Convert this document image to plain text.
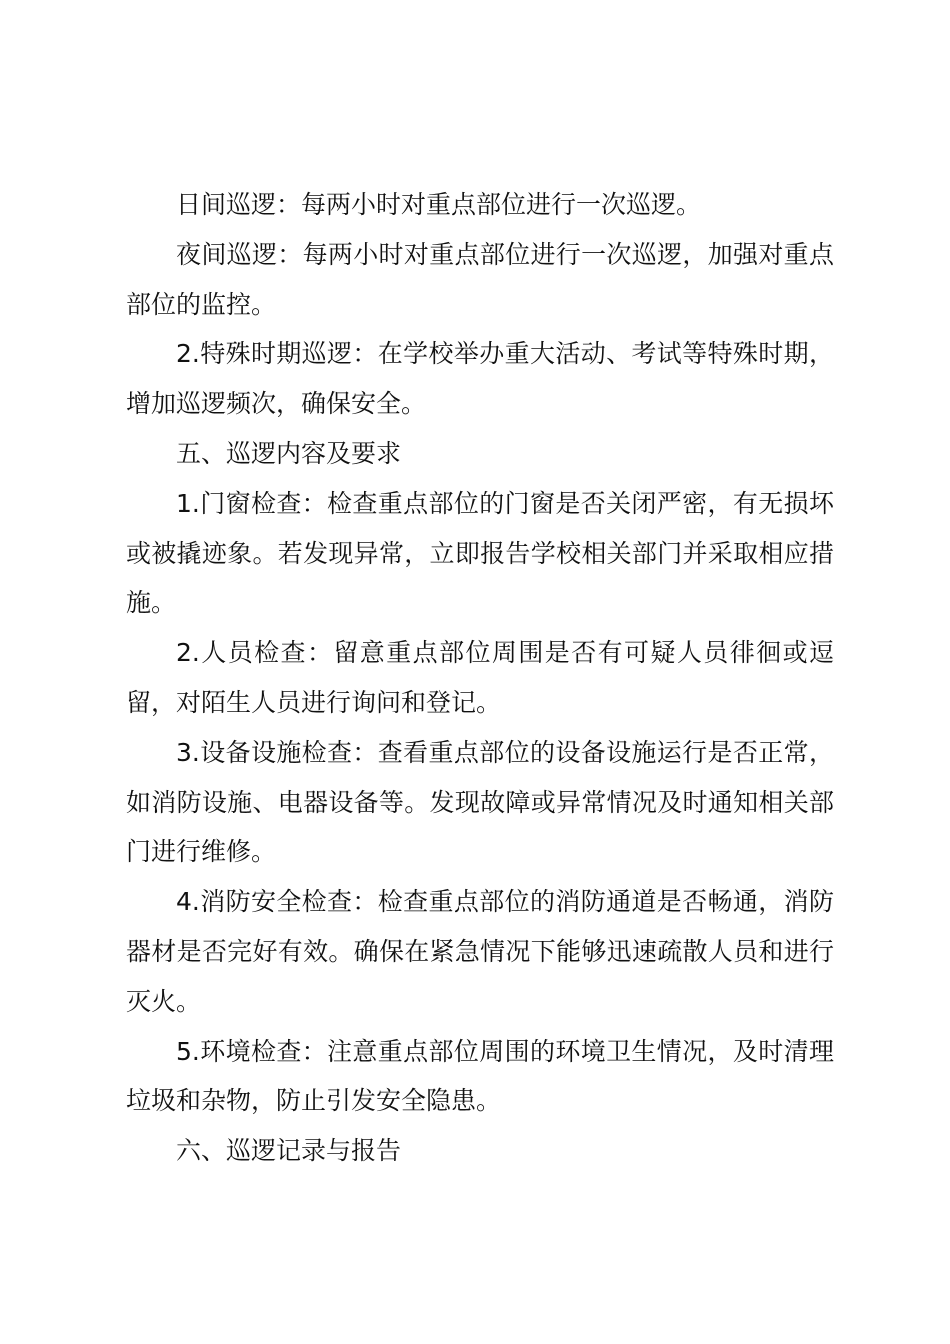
日间巡逻：每两小时对重点部位进行一次巡逻。

夜间巡逻：每两小时对重点部位进行一次巡逻，加强对重点部位的监控。

2.特殊时期巡逻：在学校举办重大活动、考试等特殊时期，增加巡逻频次，确保安全。

五、巡逻内容及要求

1.门窗检查：检查重点部位的门窗是否关闭严密，有无损坏或被撬迹象。若发现异常，立即报告学校相关部门并采取相应措施。

2.人员检查：留意重点部位周围是否有可疑人员徘徊或逗留，对陌生人员进行询问和登记。

3.设备设施检查：查看重点部位的设备设施运行是否正常，如消防设施、电器设备等。发现故障或异常情况及时通知相关部门进行维修。

4.消防安全检查：检查重点部位的消防通道是否畅通，消防器材是否完好有效。确保在紧急情况下能够迅速疏散人员和进行灭火。

5.环境检查：注意重点部位周围的环境卫生情况，及时清理垃圾和杂物，防止引发安全隐患。

六、巡逻记录与报告
